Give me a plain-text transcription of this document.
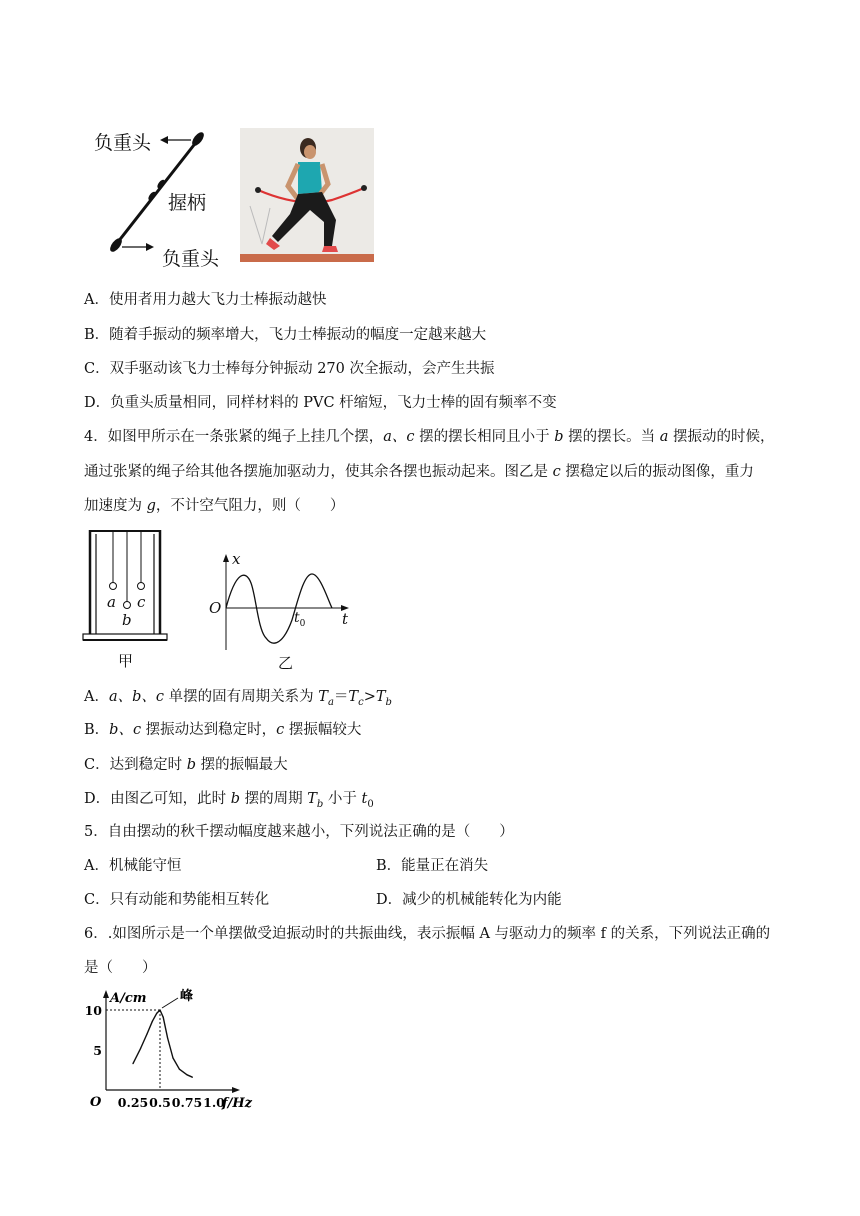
负重头
握柄
负重头
A．使用者用力越大飞力士棒振动越快
B．随着手振动的频率增大，飞力士棒振动的幅度一定越来越大
C．双手驱动该飞力士棒每分钟振动 270 次全振动，会产生共振
D．负重头质量相同，同样材料的 PVC 杆缩短，飞力士棒的固有频率不变
4．如图甲所示在一条张紧的绳子上挂几个摆，a、c 摆的摆长相同且小于 b 摆的摆长。当 a 摆振动的时候，
通过张紧的绳子给其他各摆施加驱动力，使其余各摆也振动起来。图乙是 c 摆稳定以后的振动图像，重力
加速度为 g，不计空气阻力，则（　　）
a
b
c
甲
x
O
t
$t_0$
乙
A．a、b、c 单摆的固有周期关系为 $T_a=T_c>T_b$
B．b、c 摆振动达到稳定时，c 摆振幅较大
C．达到稳定时 b 摆的振幅最大
D．由图乙可知，此时 b 摆的周期 $T_b$ 小于 $t_0$
5．自由摆动的秋千摆动幅度越来越小，下列说法正确的是（　　）
A．机械能守恒	B．能量正在消失
C．只有动能和势能相互转化	D．减少的机械能转化为内能
6．.如图所示是一个单摆做受迫振动时的共振曲线，表示振幅 A 与驱动力的频率 f 的关系，下列说法正确的
是（　　）
A/cm
f/Hz
O 0.25 0.5 0.75 1.0
5
10
峰
